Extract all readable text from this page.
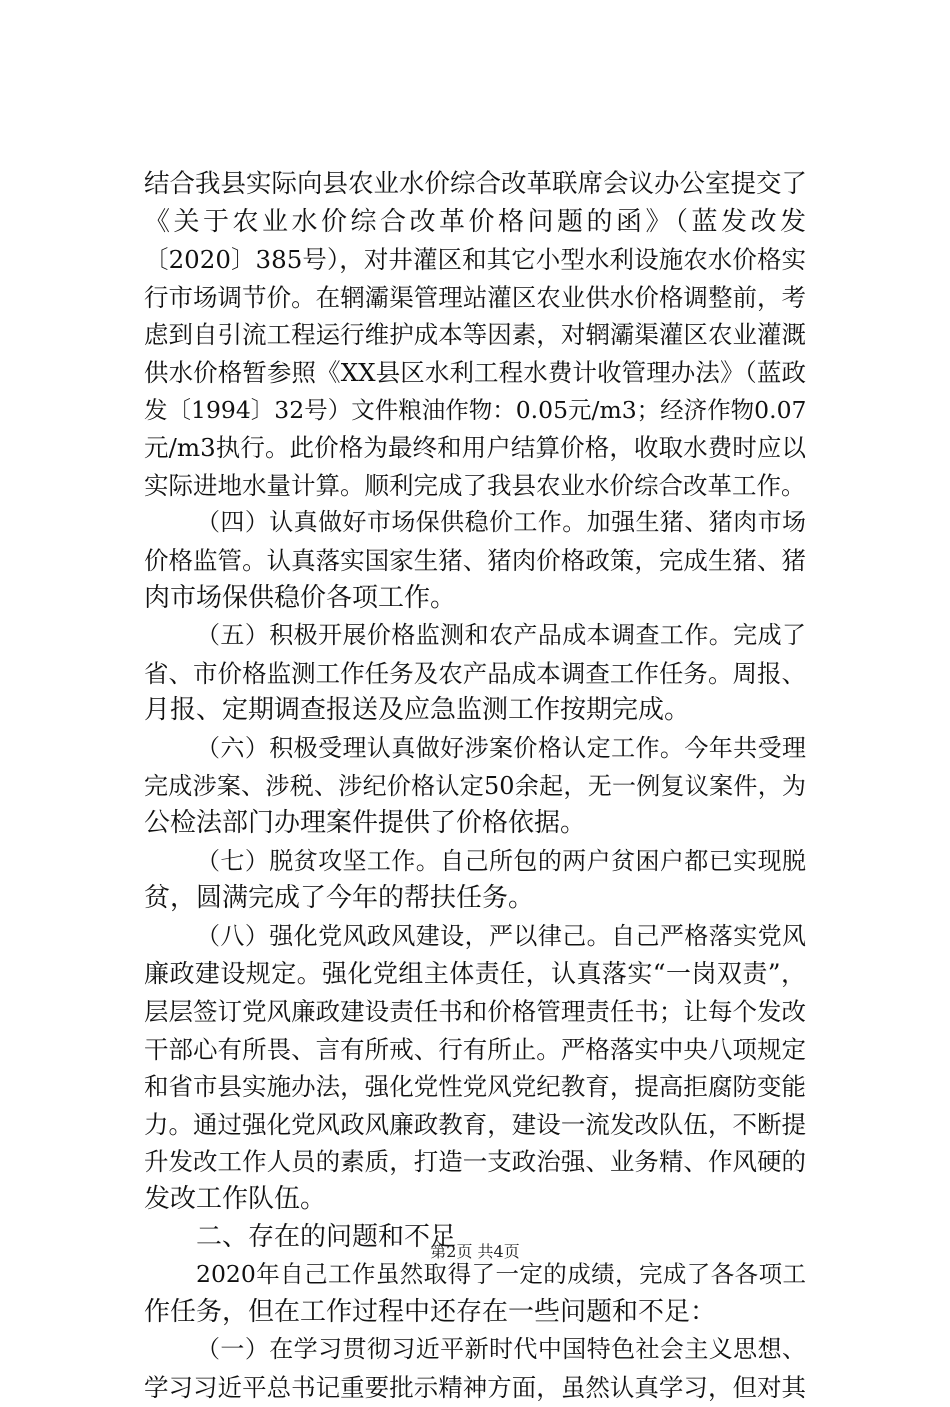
结合我县实际向县农业水价综合改革联席会议办公室提交了
《关于农业水价综合改革价格问题的函》（蓝发改发
〔2020〕385号），对井灌区和其它小型水利设施农水价格实
行市场调节价。在辋灞渠管理站灌区农业供水价格调整前，考
虑到自引流工程运行维护成本等因素，对辋灞渠灌区农业灌溉
供水价格暂参照《XX县区水利工程水费计收管理办法》（蓝政
发〔1994〕32号）文件粮油作物：0.05元/m3；经济作物0.07
元/m3执行。此价格为最终和用户结算价格，收取水费时应以
实际进地水量计算。顺利完成了我县农业水价综合改革工作。
（四）认真做好市场保供稳价工作。加强生猪、猪肉市场
价格监管。认真落实国家生猪、猪肉价格政策，完成生猪、猪
肉市场保供稳价各项工作。
（五）积极开展价格监测和农产品成本调查工作。完成了
省、市价格监测工作任务及农产品成本调查工作任务。周报、
月报、定期调查报送及应急监测工作按期完成。
（六）积极受理认真做好涉案价格认定工作。今年共受理
完成涉案、涉税、涉纪价格认定50余起，无一例复议案件，为
公检法部门办理案件提供了价格依据。
（七）脱贫攻坚工作。自己所包的两户贫困户都已实现脱
贫，圆满完成了今年的帮扶任务。
（八）强化党风政风建设，严以律己。自己严格落实党风
廉政建设规定。强化党组主体责任，认真落实“一岗双责”，
层层签订党风廉政建设责任书和价格管理责任书；让每个发改
干部心有所畏、言有所戒、行有所止。严格落实中央八项规定
和省市县实施办法，强化党性党风党纪教育，提高拒腐防变能
力。通过强化党风政风廉政教育，建设一流发改队伍，不断提
升发改工作人员的素质，打造一支政治强、业务精、作风硬的
发改工作队伍。
二、存在的问题和不足
2020年自己工作虽然取得了一定的成绩，完成了各各项工
作任务，但在工作过程中还存在一些问题和不足：
（一）在学习贯彻习近平新时代中国特色社会主义思想、
学习习近平总书记重要批示精神方面，虽然认真学习，但对其
第2页 共4页
